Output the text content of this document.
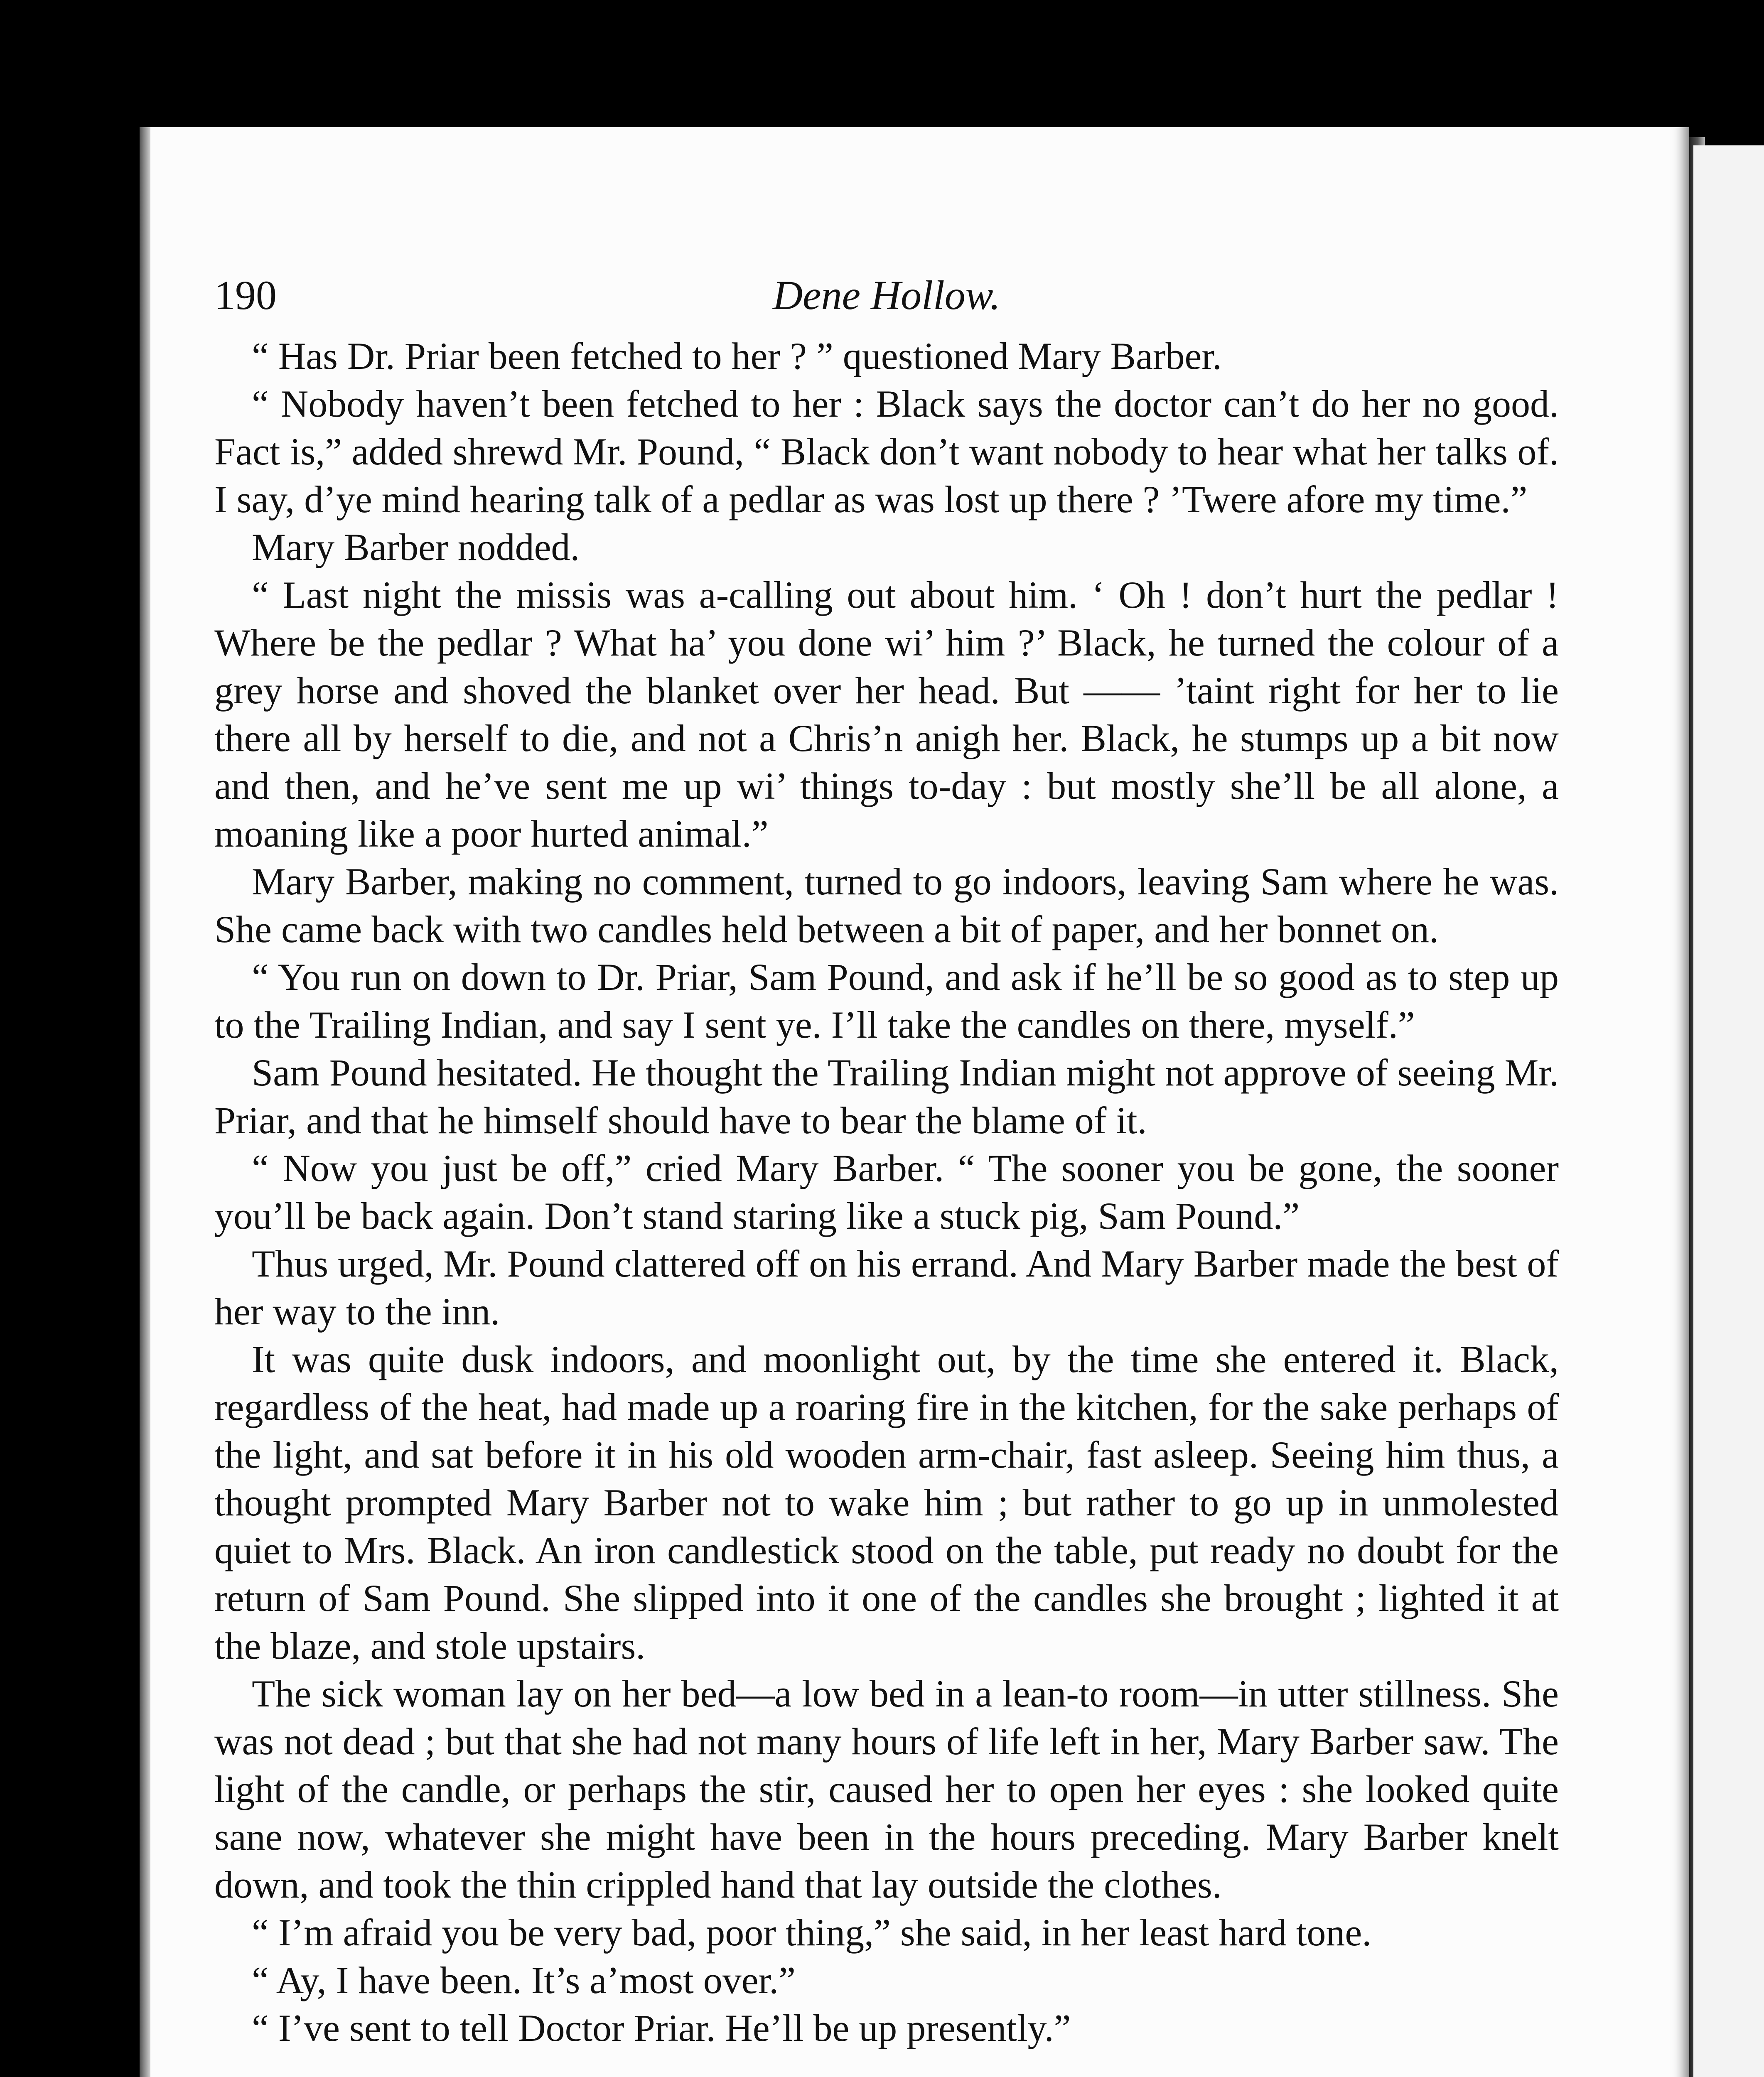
190	Dene Hollow.

“ Has Dr. Priar been fetched to her ? ” questioned Mary Barber.

“ Nobody haven’t been fetched to her : Black says the doctor can’t do her no good. Fact is,” added shrewd Mr. Pound, “ Black don’t want nobody to hear what her talks of. I say, d’ye mind hearing talk of a pedlar as was lost up there ? ’Twere afore my time.”

Mary Barber nodded.

“ Last night the missis was a-calling out about him. ‘ Oh ! don’t hurt the pedlar ! Where be the pedlar ? What ha’ you done wi’ him ?’ Black, he turned the colour of a grey horse and shoved the blanket over her head. But —— ’taint right for her to lie there all by herself to die, and not a Chris’n anigh her. Black, he stumps up a bit now and then, and he’ve sent me up wi’ things to-day : but mostly she’ll be all alone, a moaning like a poor hurted animal.”

Mary Barber, making no comment, turned to go indoors, leaving Sam where he was. She came back with two candles held between a bit of paper, and her bonnet on.

“ You run on down to Dr. Priar, Sam Pound, and ask if he’ll be so good as to step up to the Trailing Indian, and say I sent ye. I’ll take the candles on there, myself.”

Sam Pound hesitated. He thought the Trailing Indian might not approve of seeing Mr. Priar, and that he himself should have to bear the blame of it.

“ Now you just be off,” cried Mary Barber. “ The sooner you be gone, the sooner you’ll be back again. Don’t stand staring like a stuck pig, Sam Pound.”

Thus urged, Mr. Pound clattered off on his errand. And Mary Barber made the best of her way to the inn.

It was quite dusk indoors, and moonlight out, by the time she entered it. Black, regardless of the heat, had made up a roaring fire in the kitchen, for the sake perhaps of the light, and sat before it in his old wooden arm-chair, fast asleep. Seeing him thus, a thought prompted Mary Barber not to wake him ; but rather to go up in unmolested quiet to Mrs. Black. An iron candlestick stood on the table, put ready no doubt for the return of Sam Pound. She slipped into it one of the candles she brought ; lighted it at the blaze, and stole upstairs.

The sick woman lay on her bed—a low bed in a lean-to room—in utter stillness. She was not dead ; but that she had not many hours of life left in her, Mary Barber saw. The light of the candle, or perhaps the stir, caused her to open her eyes : she looked quite sane now, whatever she might have been in the hours preceding. Mary Barber knelt down, and took the thin crippled hand that lay outside the clothes.

“ I’m afraid you be very bad, poor thing,” she said, in her least hard tone.

“ Ay, I have been. It’s a’most over.”

“ I’ve sent to tell Doctor Priar. He’ll be up presently.”
